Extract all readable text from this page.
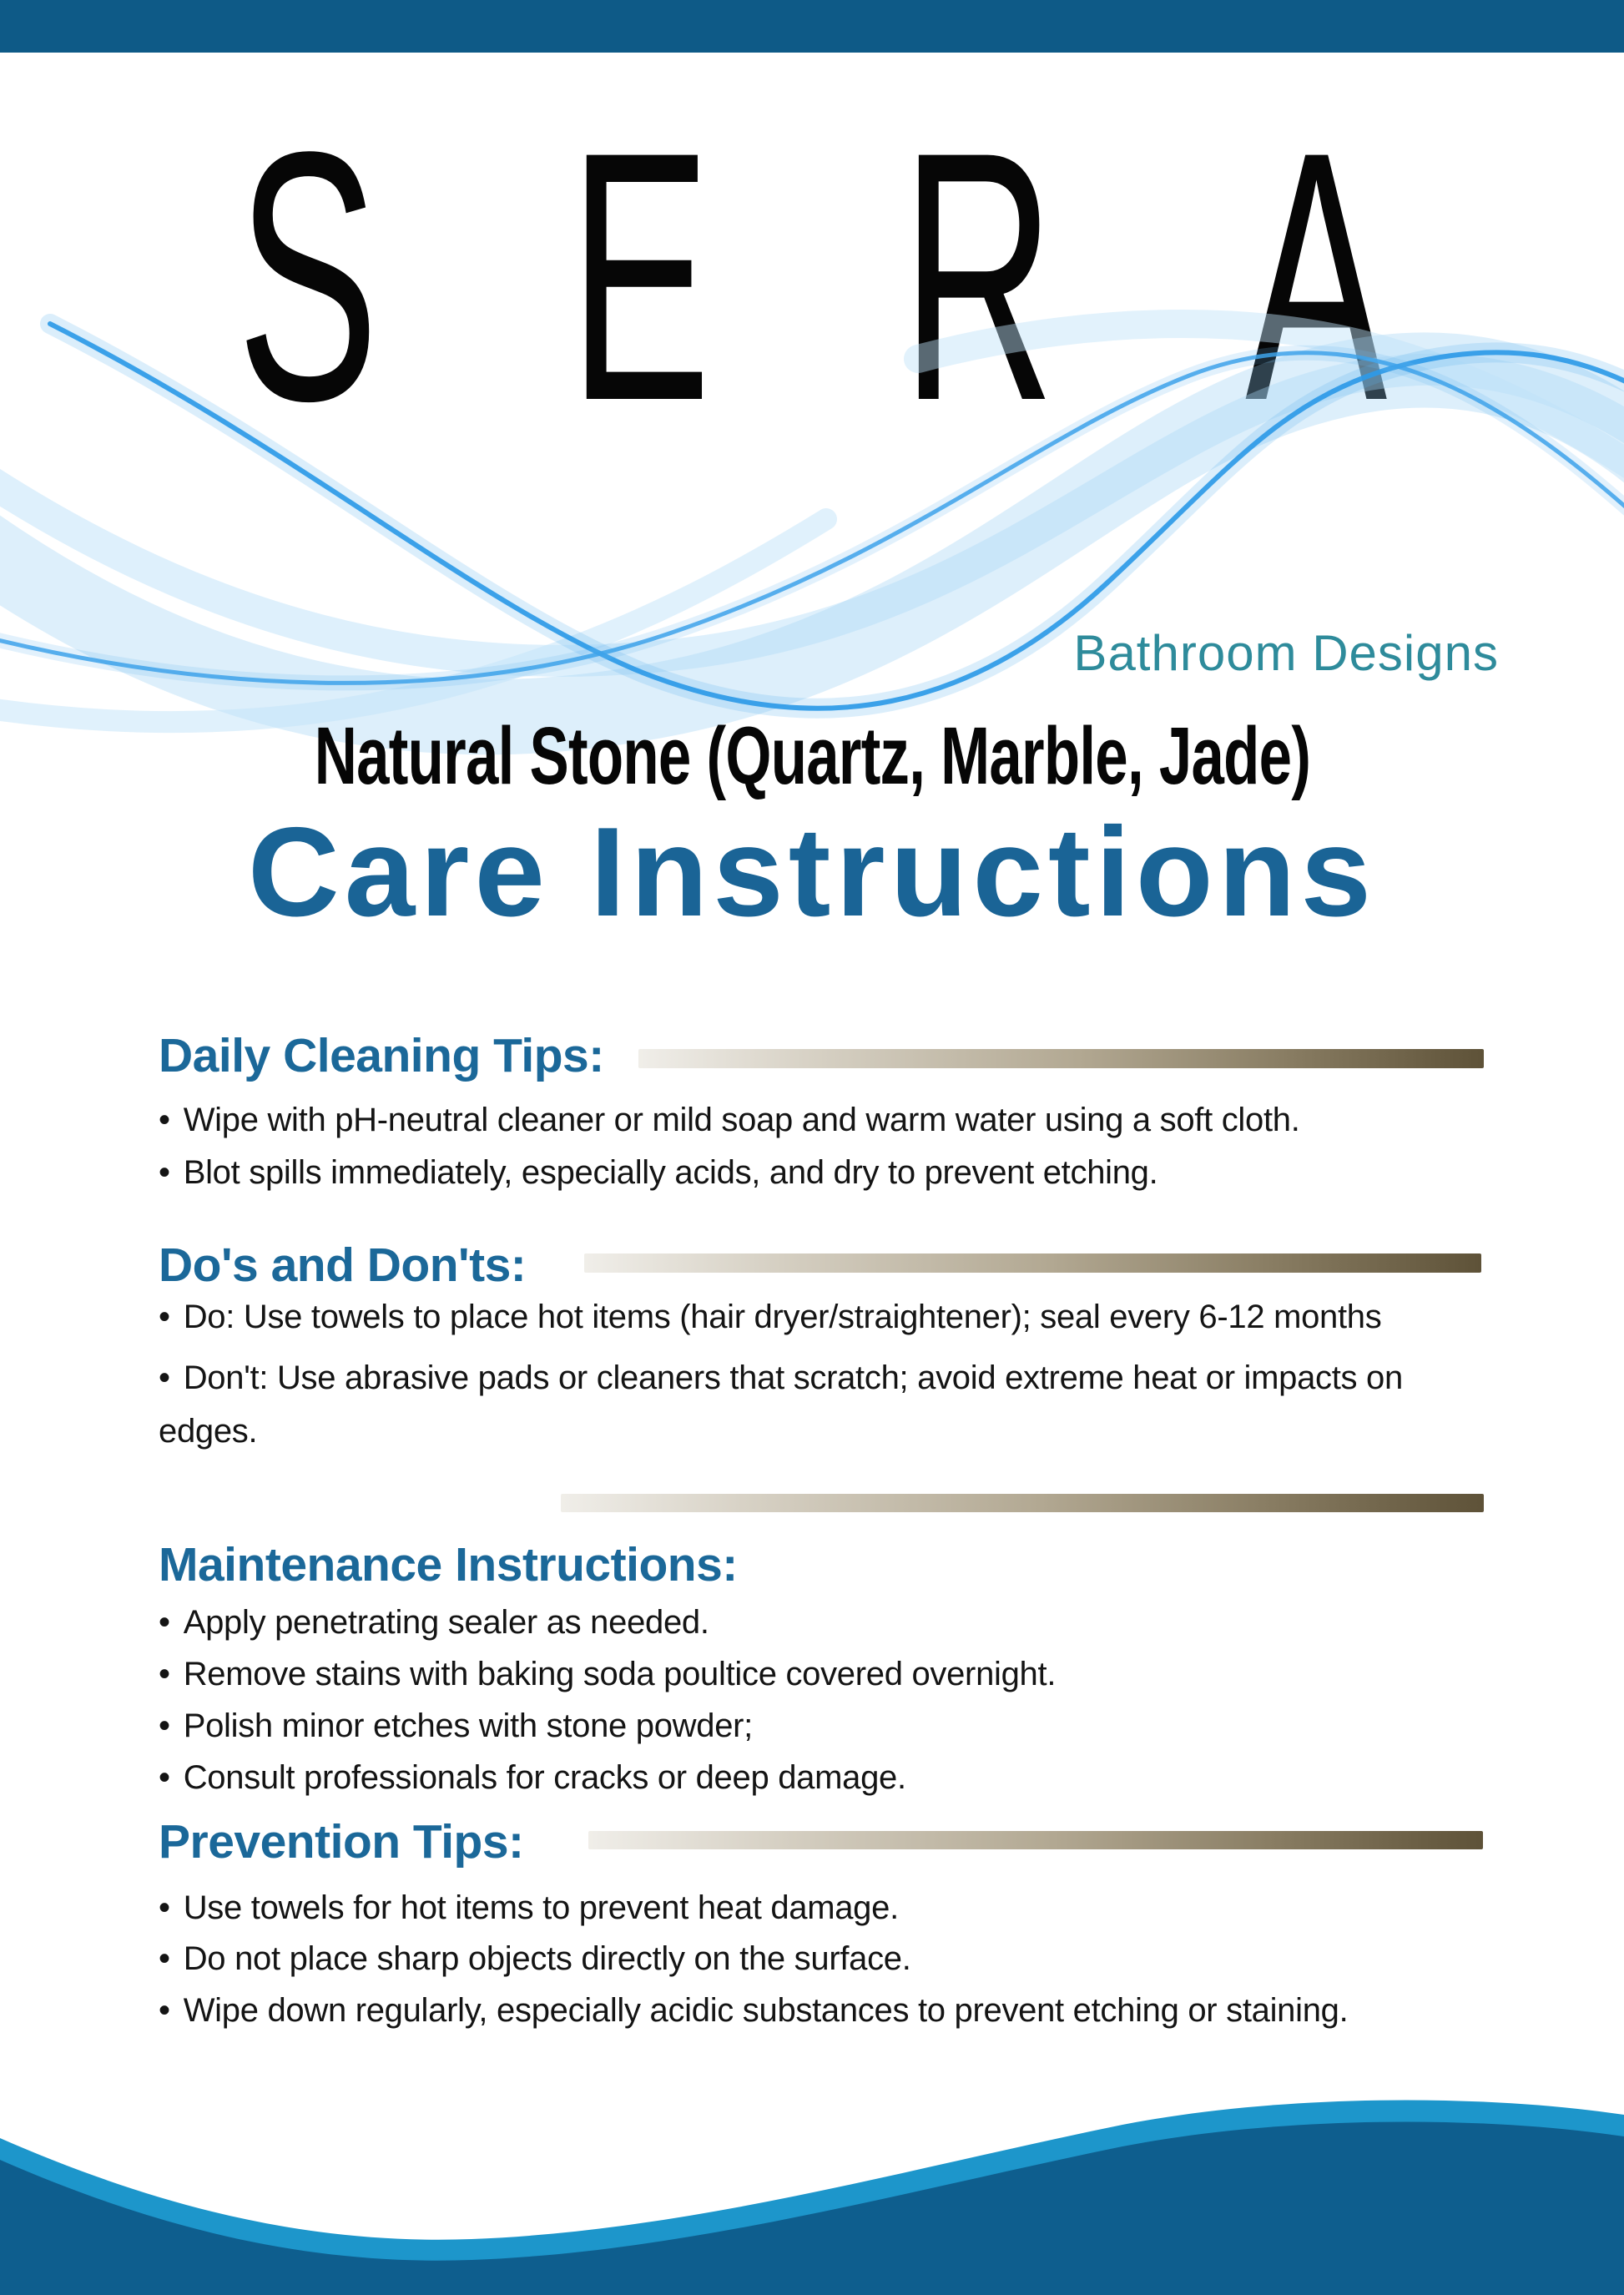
SERA
Bathroom Designs
Natural Stone (Quartz, Marble, Jade)
Care Instructions
Daily Cleaning Tips:
• Wipe with pH-neutral cleaner or mild soap and warm water using a soft cloth.
• Blot spills immediately, especially acids, and dry to prevent etching.
Do's and Don'ts:
• Do: Use towels to place hot items (hair dryer/straightener); seal every 6-12 months
• Don't: Use abrasive pads or cleaners that scratch; avoid extreme heat or impacts on edges.
Maintenance Instructions:
• Apply penetrating sealer as needed.
• Remove stains with baking soda poultice covered overnight.
• Polish minor etches with stone powder;
• Consult professionals for cracks or deep damage.
Prevention Tips:
• Use towels for hot items to prevent heat damage.
• Do not place sharp objects directly on the surface.
• Wipe down regularly, especially acidic substances to prevent etching or staining.
